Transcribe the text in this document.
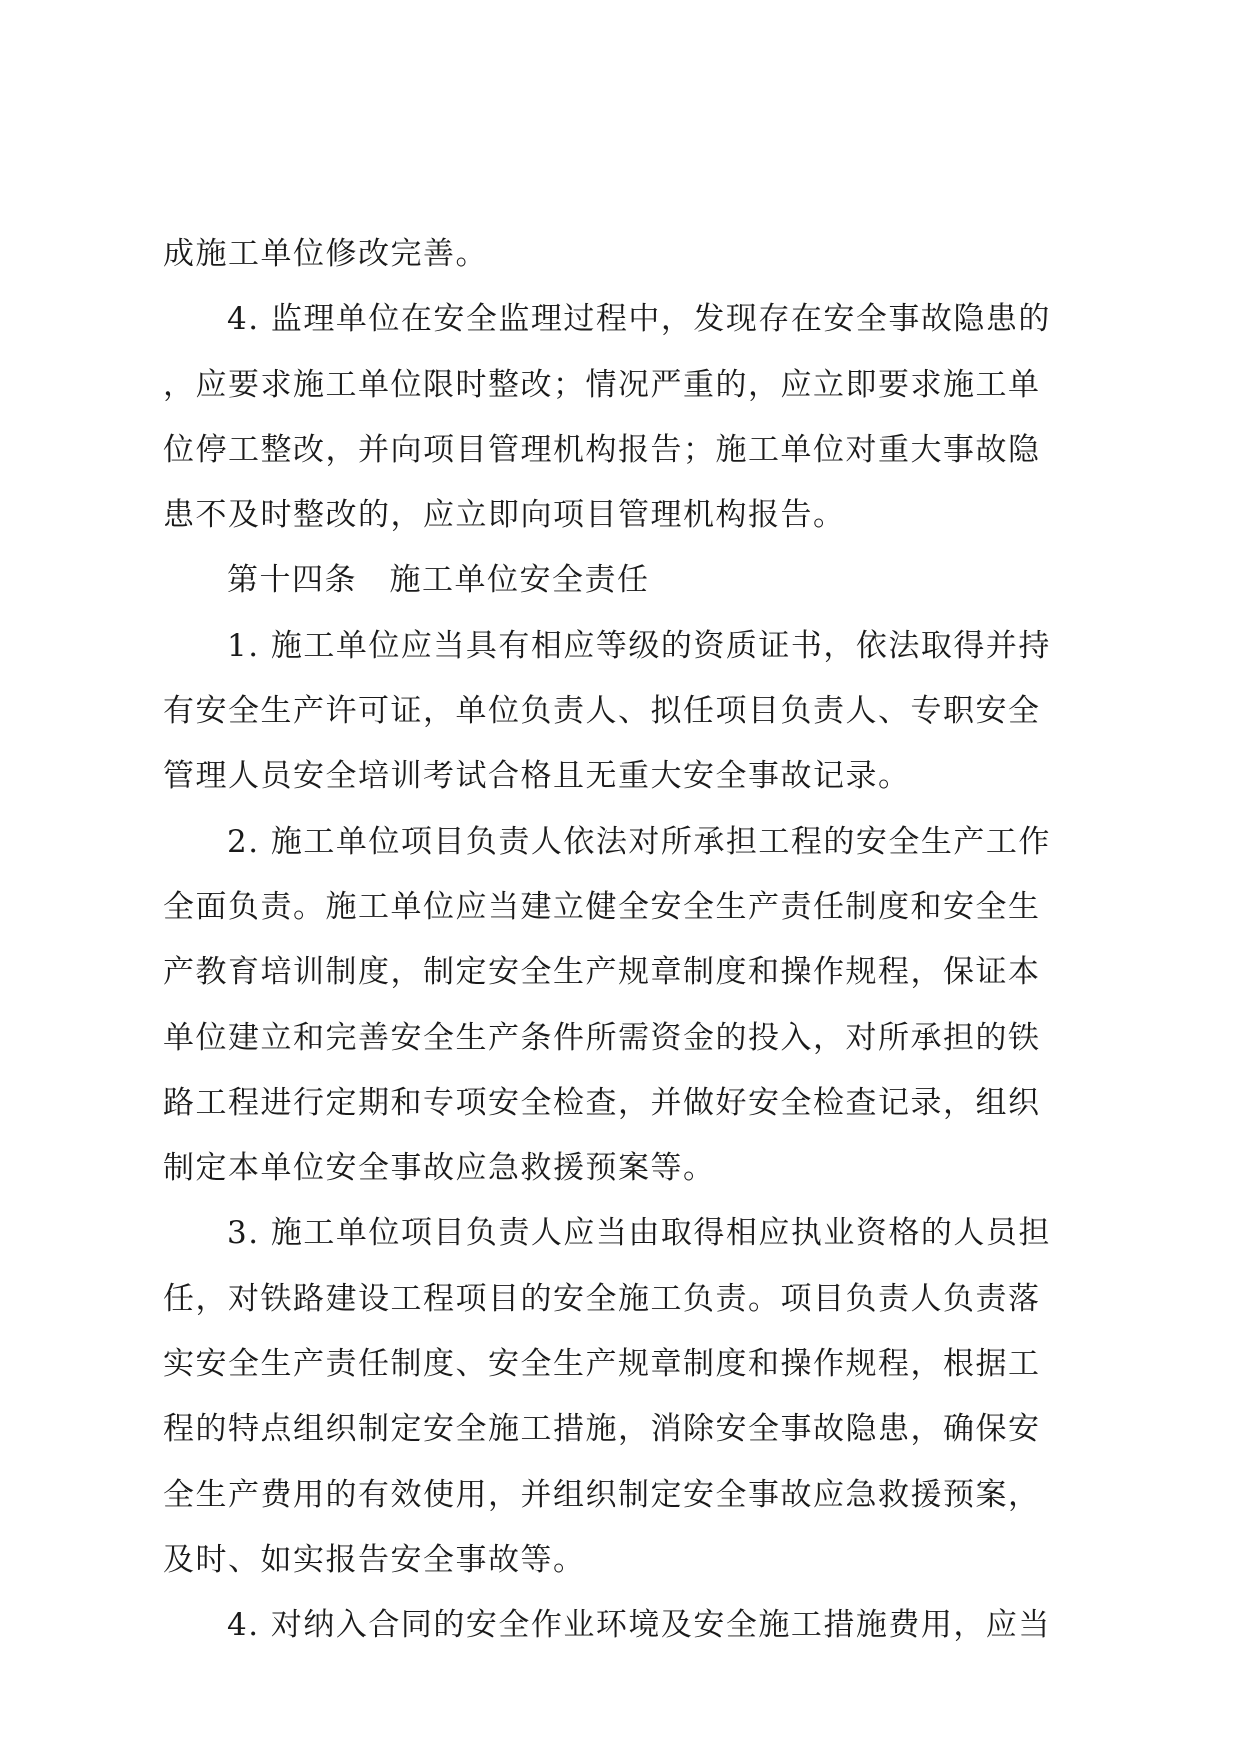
成施工单位修改完善。
4. 监理单位在安全监理过程中，发现存在安全事故隐患的
，应要求施工单位限时整改；情况严重的，应立即要求施工单
位停工整改，并向项目管理机构报告；施工单位对重大事故隐
患不及时整改的，应立即向项目管理机构报告。
第十四条　施工单位安全责任
1. 施工单位应当具有相应等级的资质证书，依法取得并持
有安全生产许可证，单位负责人、拟任项目负责人、专职安全
管理人员安全培训考试合格且无重大安全事故记录。
2. 施工单位项目负责人依法对所承担工程的安全生产工作
全面负责。施工单位应当建立健全安全生产责任制度和安全生
产教育培训制度，制定安全生产规章制度和操作规程，保证本
单位建立和完善安全生产条件所需资金的投入，对所承担的铁
路工程进行定期和专项安全检查，并做好安全检查记录，组织
制定本单位安全事故应急救援预案等。
3. 施工单位项目负责人应当由取得相应执业资格的人员担
任，对铁路建设工程项目的安全施工负责。项目负责人负责落
实安全生产责任制度、安全生产规章制度和操作规程，根据工
程的特点组织制定安全施工措施，消除安全事故隐患，确保安
全生产费用的有效使用，并组织制定安全事故应急救援预案，
及时、如实报告安全事故等。
4. 对纳入合同的安全作业环境及安全施工措施费用，应当
